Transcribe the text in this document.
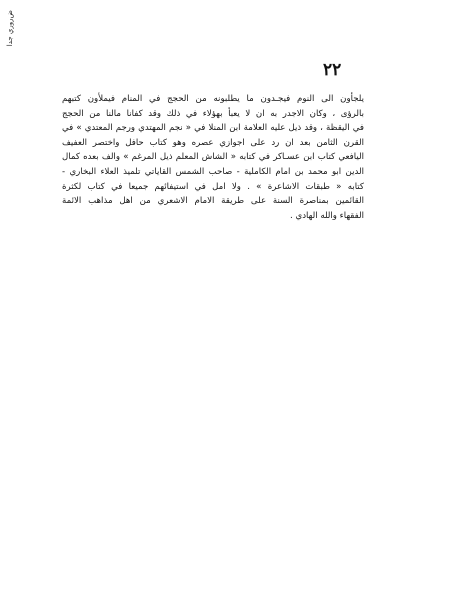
ﺽﺭﻭﺭﻱ ﺟﺪﺍ
٢٢
يلجأون الى النوم فيجـدون ما يطلبونه من الحجج في المنام فيملأون كتبهم
بالرؤى ، وكان الاجدر به ان لا يعبأ بهؤلاء في ذلك وقد كفانا مالنا من الحجج
في اليقظة ، وقد ذيل عليه العلامة ابن المنلا في « نجم المهتدي ورجم المعتدي » في
القرن الثامن بعد ان رد على اجوازي عصره وهو كتاب حافل واختصر العفيف
اليافعي كتاب ابن عسـاكر في كتابه « الشاش المعلم ذيل المرغم » والف بعده كمال
الدين ابو محمد بن امام الكاملية - صاحب الشمس القاياتي تلميذ العلاء البخاري -
كتابه « طبقات الاشاعرة » . ولا امل في استيفائهم جميعا في كتاب لكثرة
القائمين بمناصرة السنة على طريقة الامام الاشعري من اهل مذاهب الائمة
الفقهاء والله الهادي .
